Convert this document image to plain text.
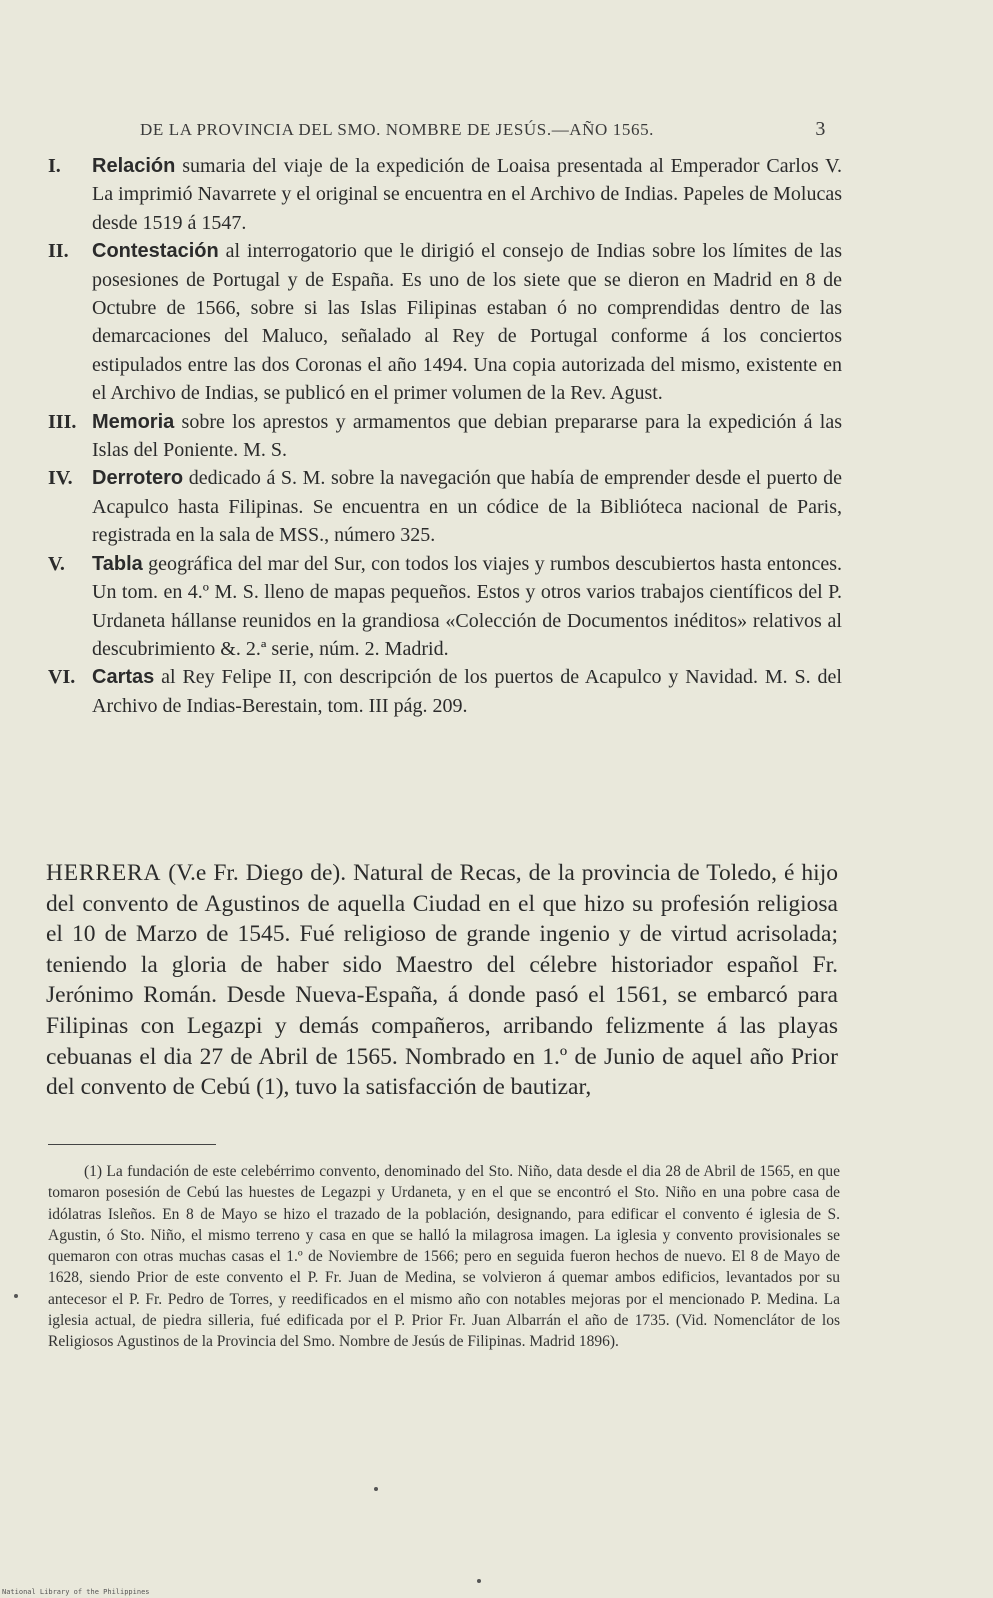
DE LA PROVINCIA DEL SMO. NOMBRE DE JESÚS.—AÑO 1565.	3
I. Relación sumaria del viaje de la expedición de Loaisa presentada al Emperador Carlos V. La imprimió Navarrete y el original se encuentra en el Archivo de Indias. Papeles de Molucas desde 1519 á 1547.
II. Contestación al interrogatorio que le dirigió el consejo de Indias sobre los límites de las posesiones de Portugal y de España. Es uno de los siete que se dieron en Madrid en 8 de Octubre de 1566, sobre si las Islas Filipinas estaban ó no comprendidas dentro de las demarcaciones del Maluco, señalado al Rey de Portugal conforme á los conciertos estipulados entre las dos Coronas el año 1494. Una copia autorizada del mismo, existente en el Archivo de Indias, se publicó en el primer volumen de la Rev. Agust.
III. Memoria sobre los aprestos y armamentos que debian prepararse para la expedición á las Islas del Poniente. M. S.
IV. Derrotero dedicado á S. M. sobre la navegación que había de emprender desde el puerto de Acapulco hasta Filipinas. Se encuentra en un códice de la Biblióteca nacional de Paris, registrada en la sala de MSS., número 325.
V. Tabla geográfica del mar del Sur, con todos los viajes y rumbos descubiertos hasta entonces. Un tom. en 4.º M. S. lleno de mapas pequeños. Estos y otros varios trabajos científicos del P. Urdaneta hállanse reunidos en la grandiosa «Colección de Documentos inéditos» relativos al descubrimiento &. 2.ª serie, núm. 2. Madrid.
VI. Cartas al Rey Felipe II, con descripción de los puertos de Acapulco y Navidad. M. S. del Archivo de Indias-Berestain, tom. III pág. 209.
HERRERA (V.e Fr. Diego de). Natural de Recas, de la provincia de Toledo, é hijo del convento de Agustinos de aquella Ciudad en el que hizo su profesión religiosa el 10 de Marzo de 1545. Fué religioso de grande ingenio y de virtud acrisolada; teniendo la gloria de haber sido Maestro del célebre historiador español Fr. Jerónimo Román. Desde Nueva-España, á donde pasó el 1561, se embarcó para Filipinas con Legazpi y demás compañeros, arribando felizmente á las playas cebuanas el dia 27 de Abril de 1565. Nombrado en 1.º de Junio de aquel año Prior del convento de Cebú (1), tuvo la satisfacción de bautizar,
(1) La fundación de este celebérrimo convento, denominado del Sto. Niño, data desde el dia 28 de Abril de 1565, en que tomaron posesión de Cebú las huestes de Legazpi y Urdaneta, y en el que se encontró el Sto. Niño en una pobre casa de idólatras Isleños. En 8 de Mayo se hizo el trazado de la población, designando, para edificar el convento é iglesia de S. Agustin, ó Sto. Niño, el mismo terreno y casa en que se halló la milagrosa imagen. La iglesia y convento provisionales se quemaron con otras muchas casas el 1.º de Noviembre de 1566; pero en seguida fueron hechos de nuevo. El 8 de Mayo de 1628, siendo Prior de este convento el P. Fr. Juan de Medina, se volvieron á quemar ambos edificios, levantados por su antecesor el P. Fr. Pedro de Torres, y reedificados en el mismo año con notables mejoras por el mencionado P. Medina. La iglesia actual, de piedra silleria, fué edificada por el P. Prior Fr. Juan Albarrán el año de 1735. (Vid. Nomenclátor de los Religiosos Agustinos de la Provincia del Smo. Nombre de Jesús de Filipinas. Madrid 1896).
National Library of the Philippines
